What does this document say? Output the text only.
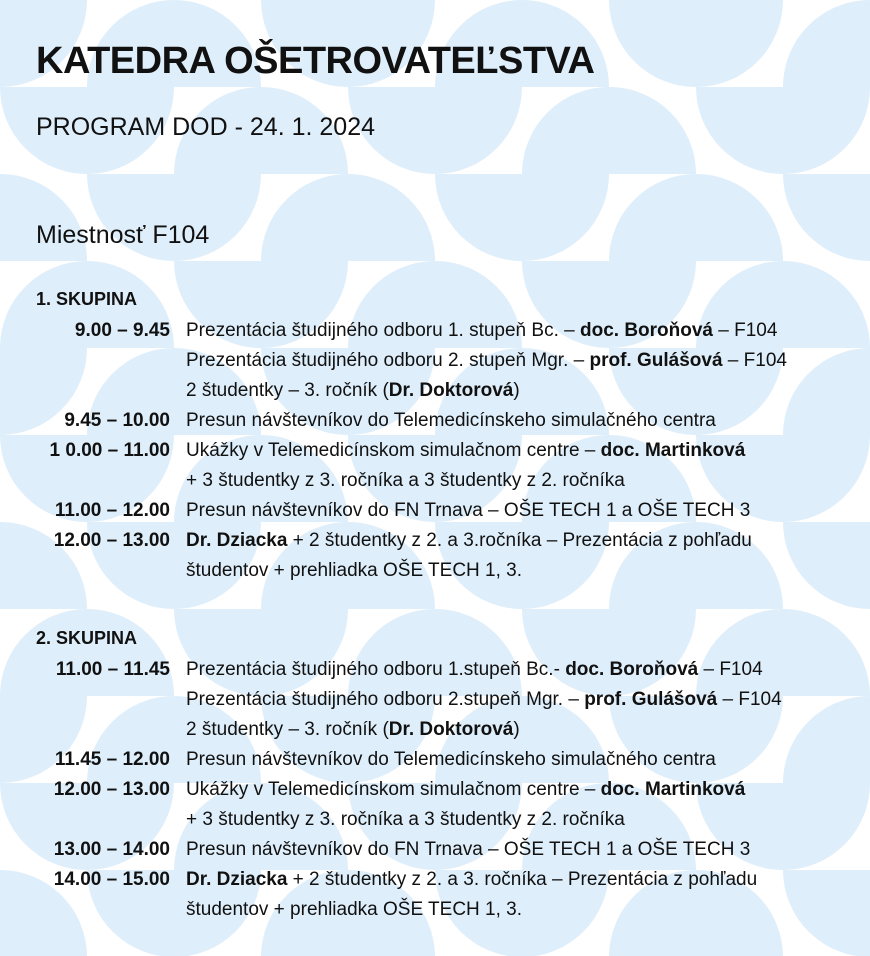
KATEDRA OŠETROVATEĽSTVA
PROGRAM DOD - 24. 1. 2024
Miestnosť F104
1. SKUPINA
9.00 – 9.45 Prezentácia študijného odboru 1. stupeň Bc. – doc. Boroňová – F104
Prezentácia študijného odboru 2. stupeň Mgr. – prof. Gulášová – F104
2 študentky – 3. ročník (Dr. Doktorová)
9.45 – 10.00 Presun návštevníkov do Telemedicínskeho simulačného centra
1 0.00 – 11.00 Ukážky v Telemedicínskom simulačnom centre – doc. Martinková
+ 3 študentky z 3. ročníka a 3 študentky z 2. ročníka
11.00 – 12.00 Presun návštevníkov do FN Trnava – OŠE TECH 1 a OŠE TECH 3
12.00 – 13.00 Dr. Dziacka + 2 študentky z 2. a 3.ročníka – Prezentácia z pohľadu
študentov + prehliadka OŠE TECH 1, 3.
2. SKUPINA
11.00 – 11.45 Prezentácia študijného odboru 1.stupeň Bc.- doc. Boroňová – F104
Prezentácia študijného odboru 2.stupeň Mgr. – prof. Gulášová – F104
2 študentky – 3. ročník (Dr. Doktorová)
11.45 – 12.00 Presun návštevníkov do Telemedicínskeho simulačného centra
12.00 – 13.00 Ukážky v Telemedicínskom simulačnom centre – doc. Martinková
+ 3 študentky z 3. ročníka a 3 študentky z 2. ročníka
13.00 – 14.00 Presun návštevníkov do FN Trnava – OŠE TECH 1 a OŠE TECH 3
14.00 – 15.00 Dr. Dziacka + 2 študentky z 2. a 3. ročníka – Prezentácia z pohľadu
študentov + prehliadka OŠE TECH 1, 3.
